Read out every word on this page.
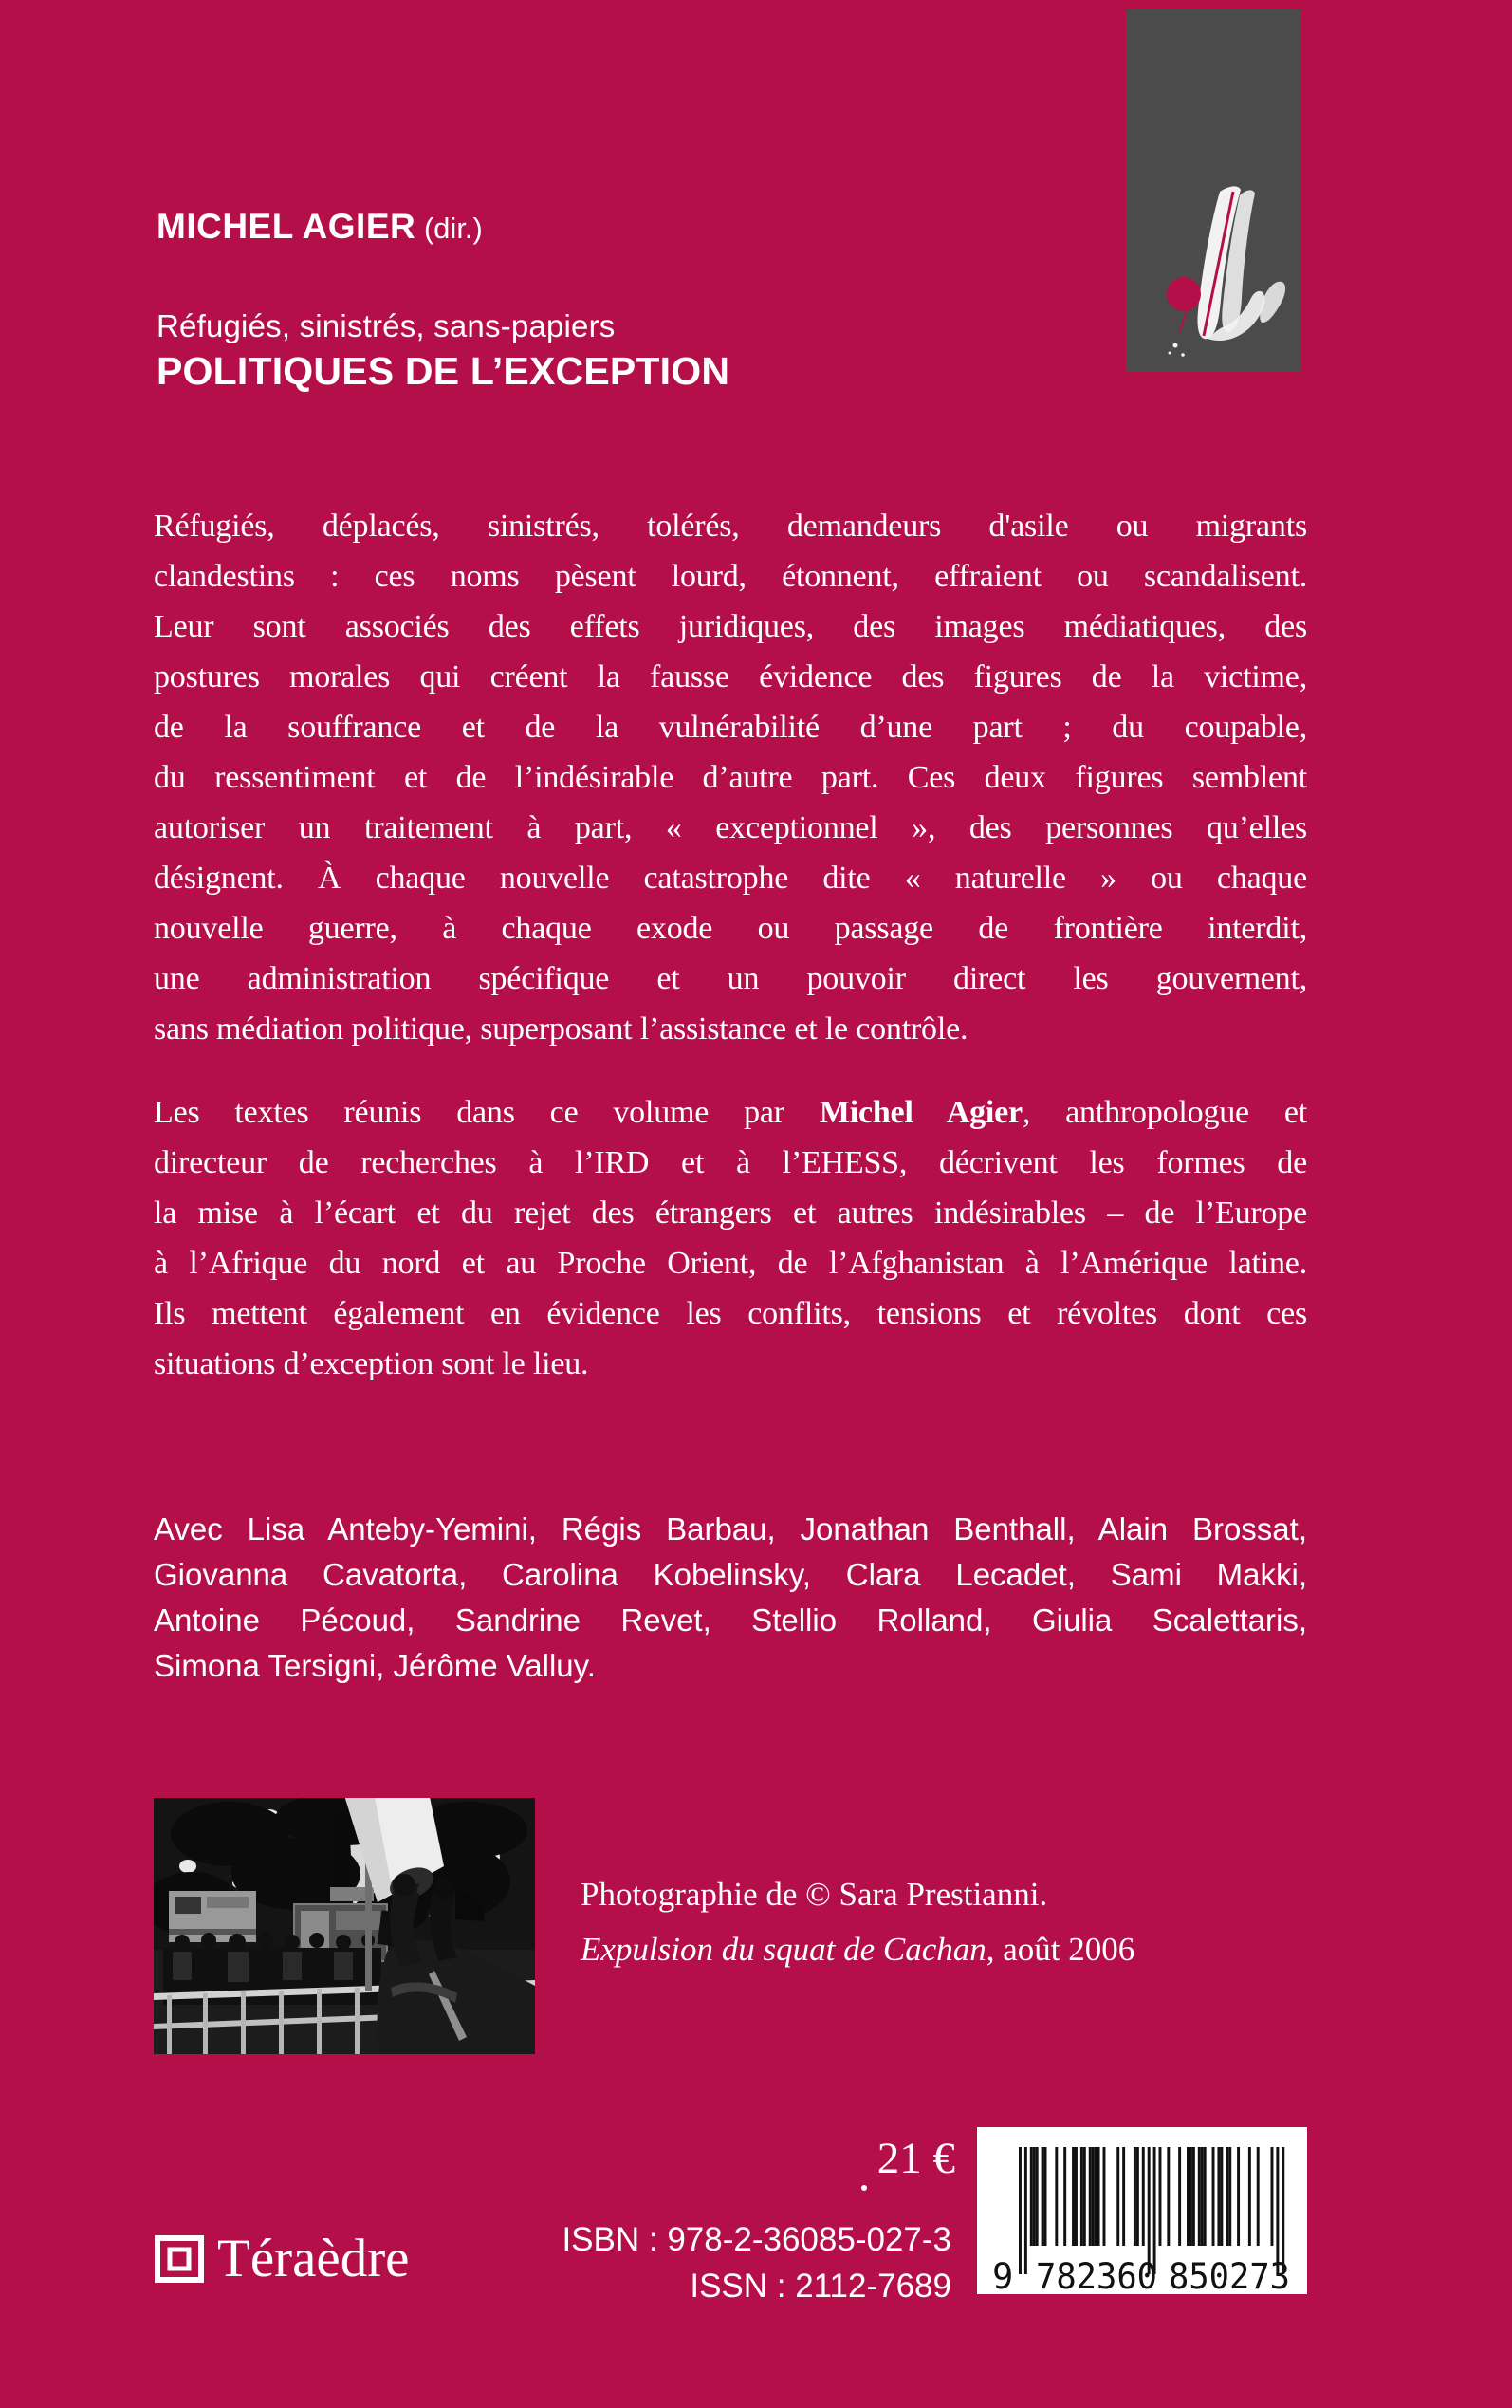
MICHEL AGIER (dir.)
Réfugiés, sinistrés, sans-papiers
POLITIQUES DE L’EXCEPTION
Réfugiés, déplacés, sinistrés, tolérés, demandeurs d'asile ou migrants
clandestins : ces noms pèsent lourd, étonnent, effraient ou scandalisent.
Leur sont associés des effets juridiques, des images médiatiques, des
postures morales qui créent la fausse évidence des figures de la victime,
de la souffrance et de la vulnérabilité d’une part ; du coupable,
du ressentiment et de l’indésirable d’autre part. Ces deux figures semblent
autoriser un traitement à part, « exceptionnel », des personnes qu’elles
désignent. À chaque nouvelle catastrophe dite « naturelle » ou chaque
nouvelle guerre, à chaque exode ou passage de frontière interdit,
une administration spécifique et un pouvoir direct les gouvernent,
sans médiation politique, superposant l’assistance et le contrôle.
Les textes réunis dans ce volume par Michel Agier, anthropologue et
directeur de recherches à l’IRD et à l’EHESS, décrivent les formes de
la mise à l’écart et du rejet des étrangers et autres indésirables – de l’Europe
à l’Afrique du nord et au Proche Orient, de l’Afghanistan à l’Amérique latine.
Ils mettent également en évidence les conflits, tensions et révoltes dont ces
situations d’exception sont le lieu.
Avec Lisa Anteby-Yemini, Régis Barbau, Jonathan Benthall, Alain Brossat,
Giovanna Cavatorta, Carolina Kobelinsky, Clara Lecadet, Sami Makki,
Antoine Pécoud, Sandrine Revet, Stellio Rolland, Giulia Scalettaris,
Simona Tersigni, Jérôme Valluy.
Photographie de © Sara Prestianni.
Expulsion du squat de Cachan, août 2006
21 €
Téraèdre	ISBN : 978-2-36085-027-3
ISSN : 2112-7689 9 782360 850273
